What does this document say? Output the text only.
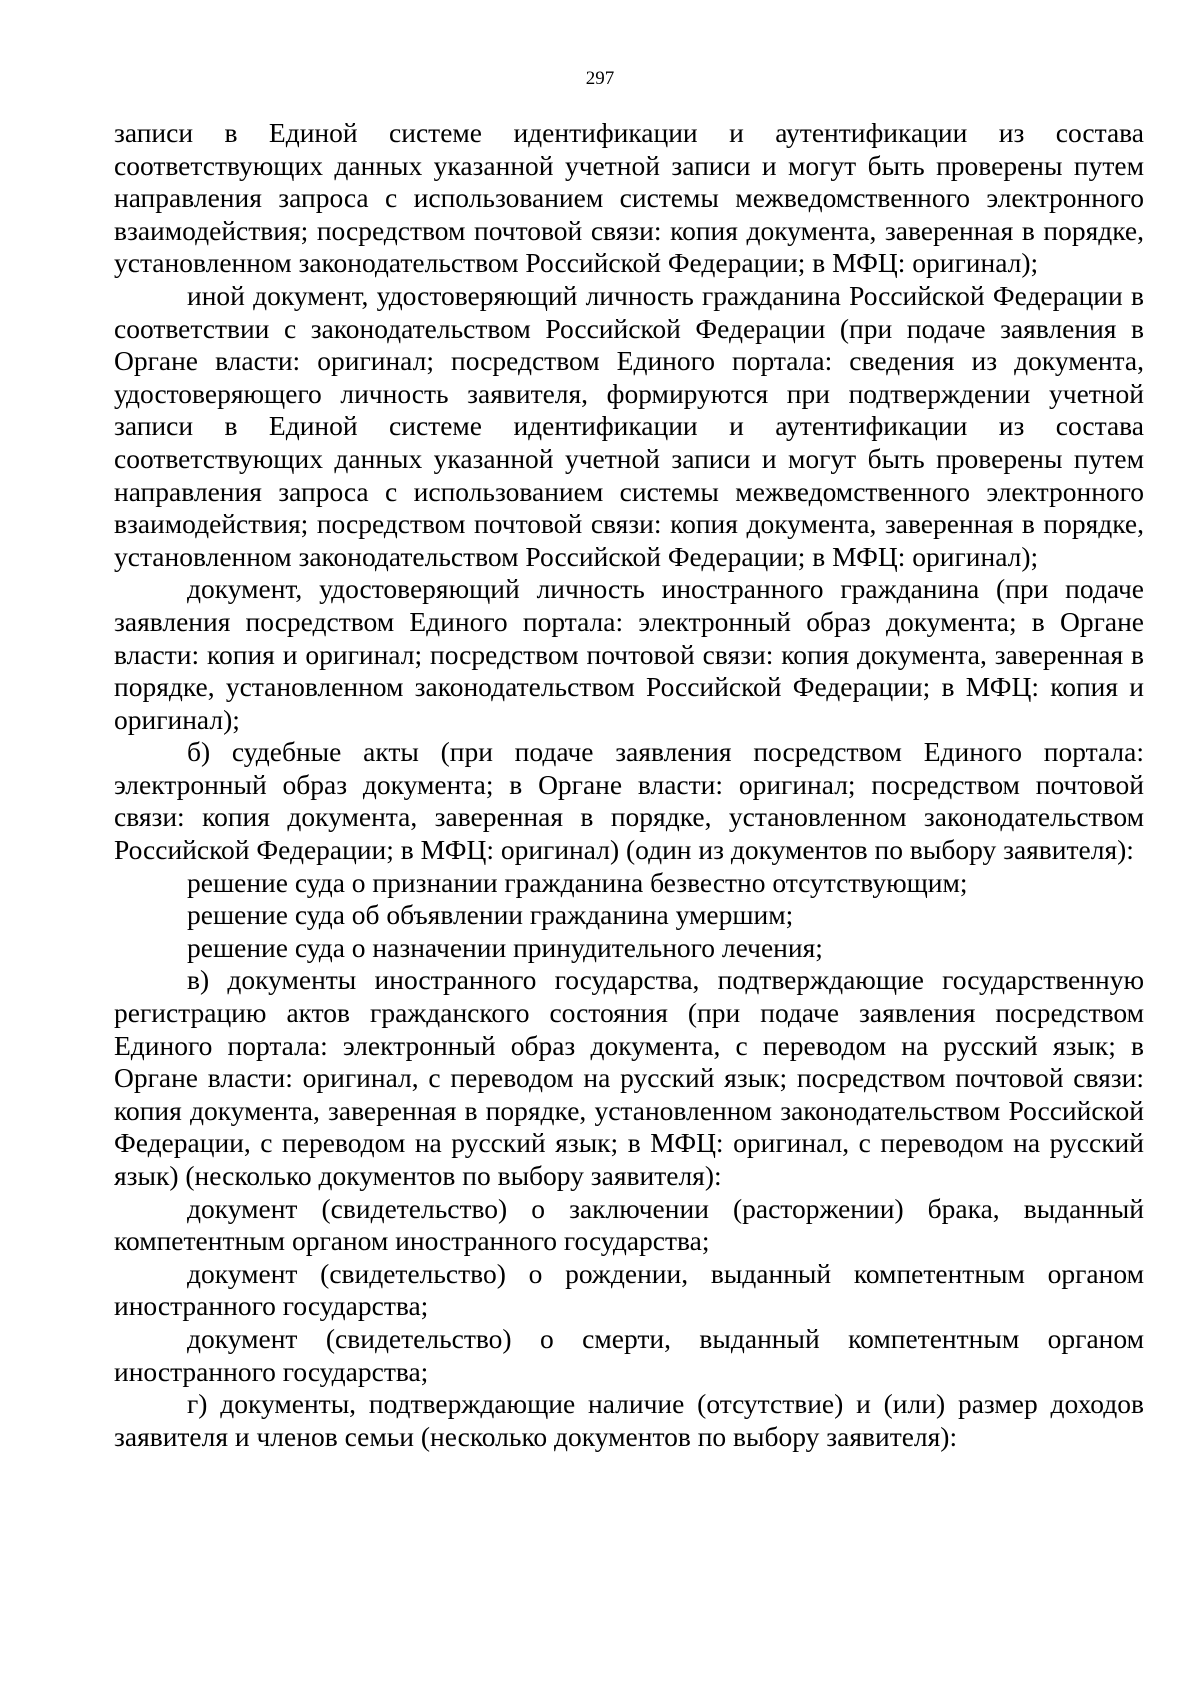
297

записи в Единой системе идентификации и аутентификации из состава соответствующих данных указанной учетной записи и могут быть проверены путем направления запроса с использованием системы межведомственного электронного взаимодействия; посредством почтовой связи: копия документа, заверенная в порядке, установленном законодательством Российской Федерации; в МФЦ: оригинал);

иной документ, удостоверяющий личность гражданина Российской Федерации в соответствии с законодательством Российской Федерации (при подаче заявления в Органе власти: оригинал; посредством Единого портала: сведения из документа, удостоверяющего личность заявителя, формируются при подтверждении учетной записи в Единой системе идентификации и аутентификации из состава соответствующих данных указанной учетной записи и могут быть проверены путем направления запроса с использованием системы межведомственного электронного взаимодействия; посредством почтовой связи: копия документа, заверенная в порядке, установленном законодательством Российской Федерации; в МФЦ: оригинал);

документ, удостоверяющий личность иностранного гражданина (при подаче заявления посредством Единого портала: электронный образ документа; в Органе власти: копия и оригинал; посредством почтовой связи: копия документа, заверенная в порядке, установленном законодательством Российской Федерации; в МФЦ: копия и оригинал);

б) судебные акты (при подаче заявления посредством Единого портала: электронный образ документа; в Органе власти: оригинал; посредством почтовой связи: копия документа, заверенная в порядке, установленном законодательством Российской Федерации; в МФЦ: оригинал) (один из документов по выбору заявителя):

решение суда о признании гражданина безвестно отсутствующим;

решение суда об объявлении гражданина умершим;

решение суда о назначении принудительного лечения;

в) документы иностранного государства, подтверждающие государственную регистрацию актов гражданского состояния (при подаче заявления посредством Единого портала: электронный образ документа, с переводом на русский язык; в Органе власти: оригинал, с переводом на русский язык; посредством почтовой связи: копия документа, заверенная в порядке, установленном законодательством Российской Федерации, с переводом на русский язык; в МФЦ: оригинал, с переводом на русский язык) (несколько документов по выбору заявителя):

документ (свидетельство) о заключении (расторжении) брака, выданный компетентным органом иностранного государства;

документ (свидетельство) о рождении, выданный компетентным органом иностранного государства;

документ (свидетельство) о смерти, выданный компетентным органом иностранного государства;

г) документы, подтверждающие наличие (отсутствие) и (или) размер доходов заявителя и членов семьи (несколько документов по выбору заявителя):
